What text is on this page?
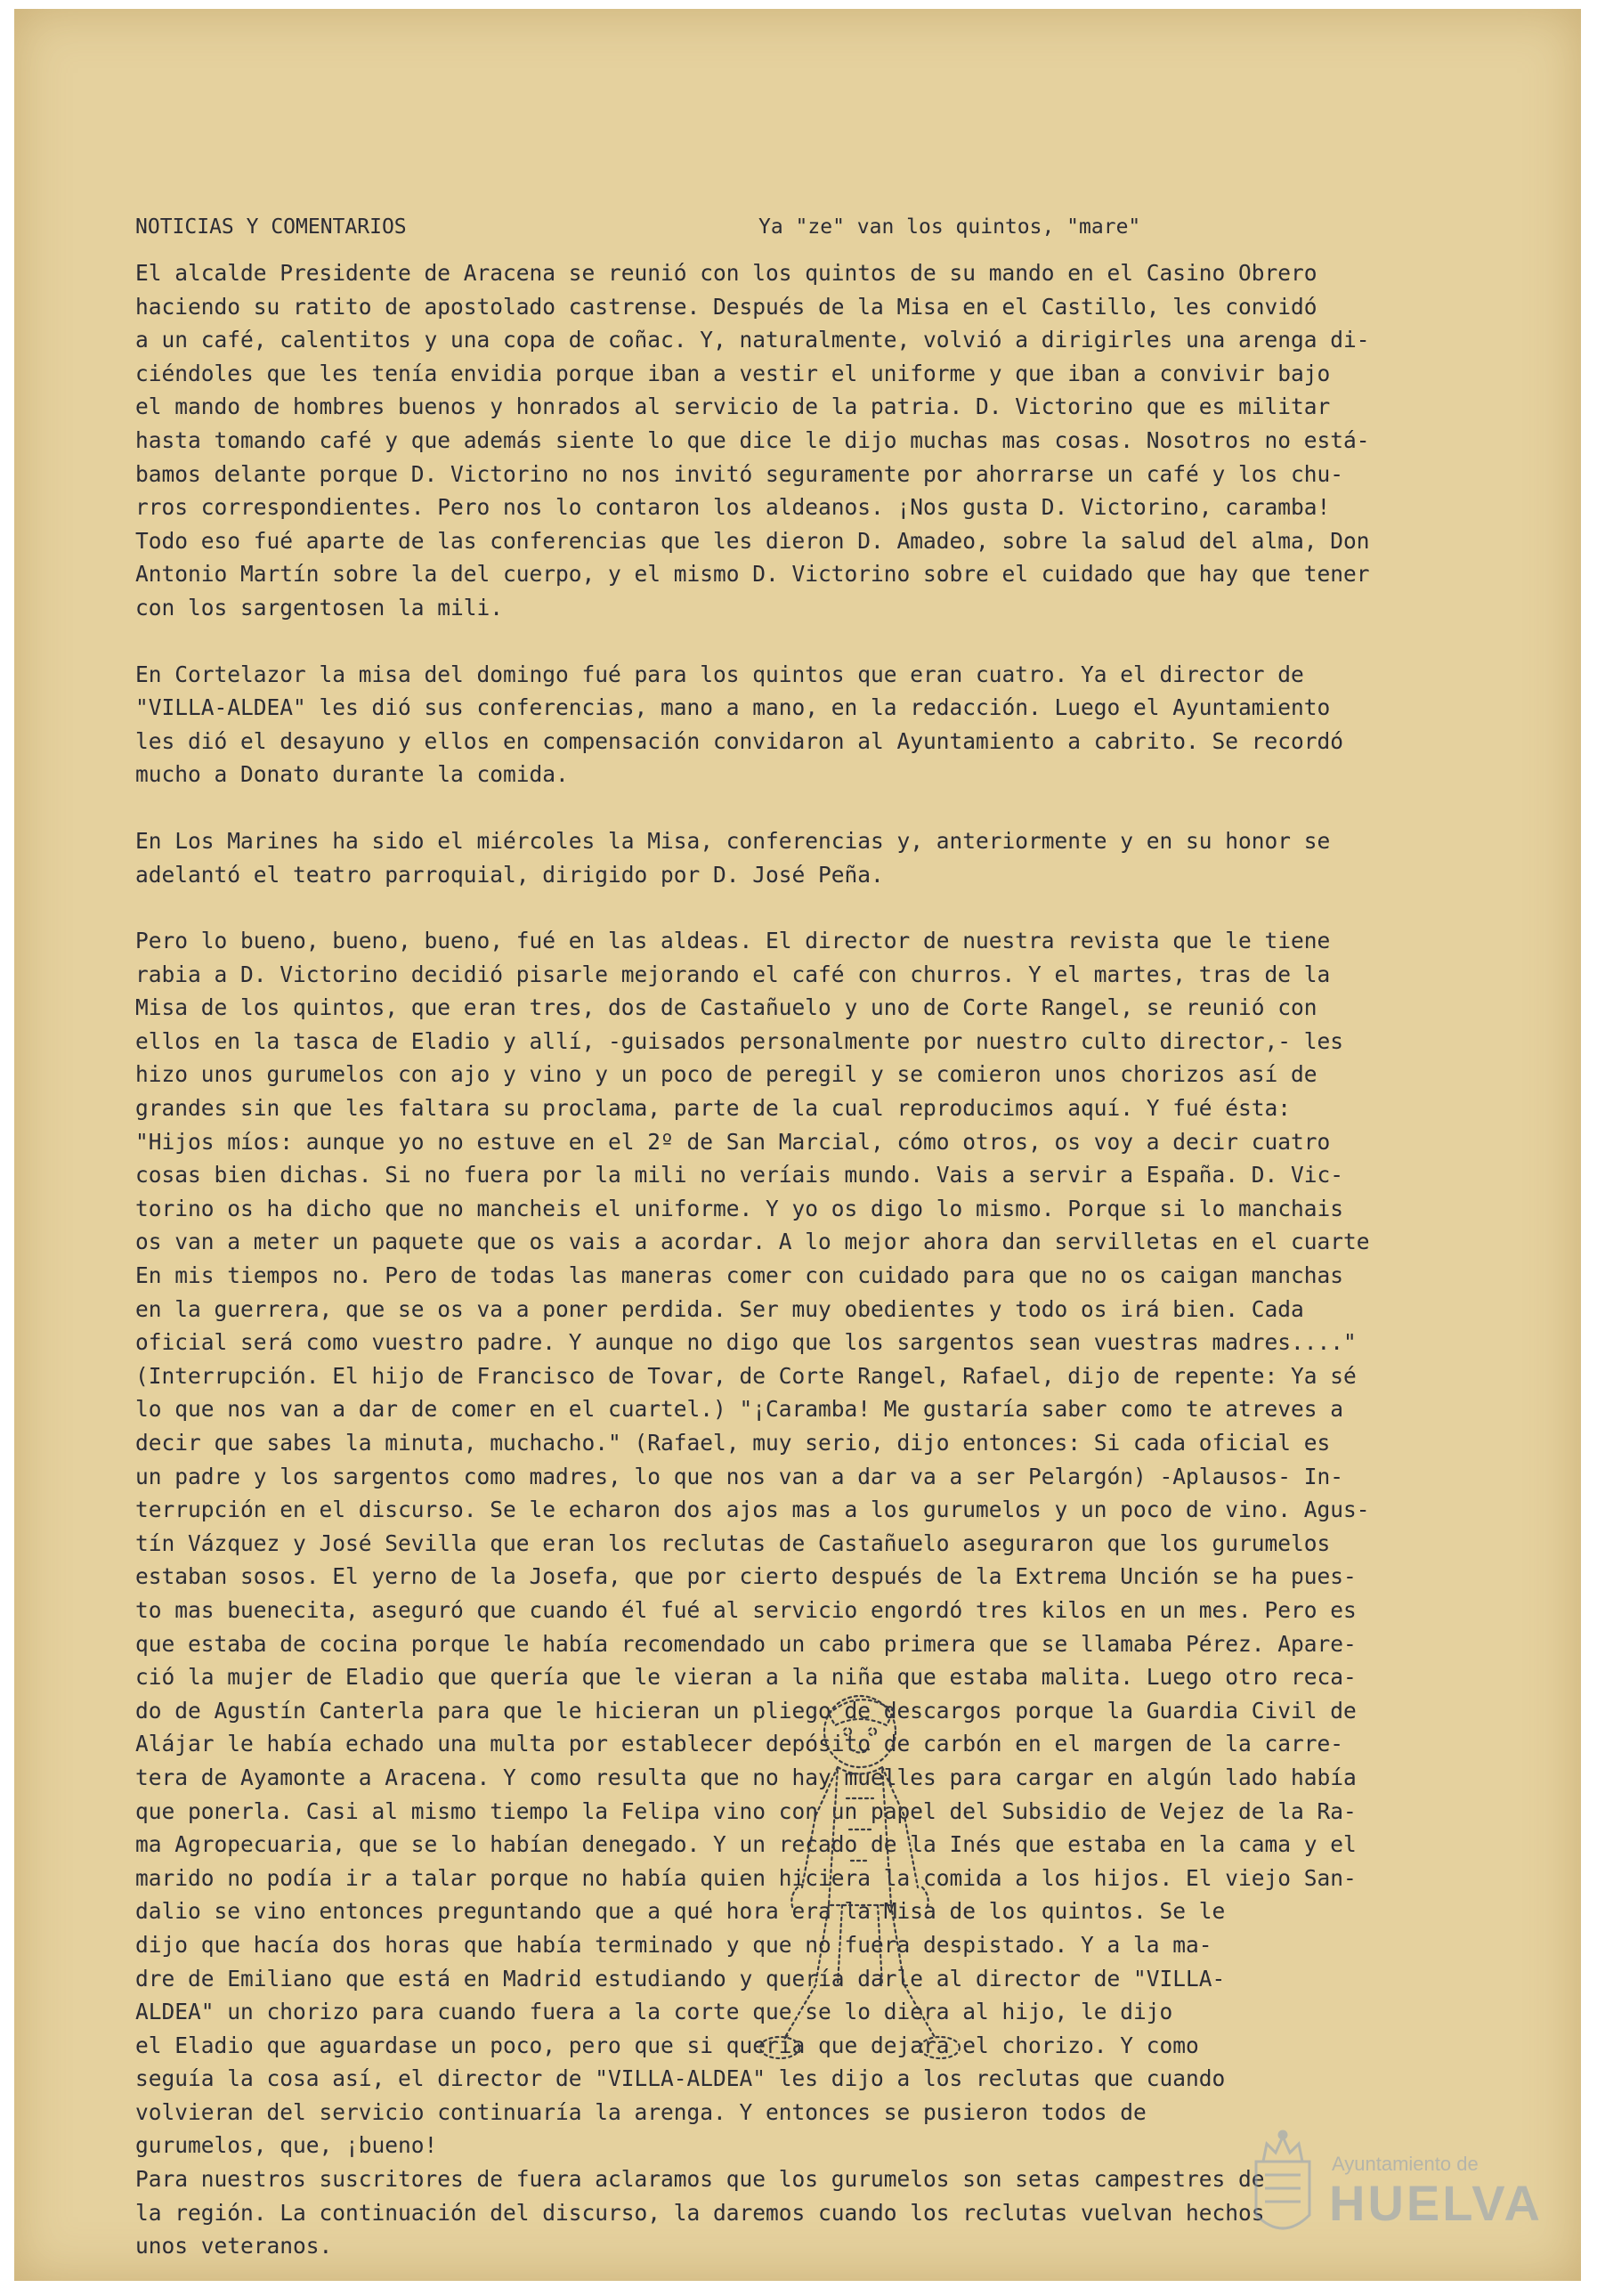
NOTICIAS Y COMENTARIOS	Ya "ze" van los quintos, "mare"
El alcalde Presidente de Aracena se reunió con los quintos de su mando en el Casino Obrero
haciendo su ratito de apostolado castrense. Después de la Misa en el Castillo, les convidó
a un café, calentitos y una copa de coñac. Y, naturalmente, volvió a dirigirles una arenga di-
ciéndoles que les tenía envidia porque iban a vestir el uniforme y que iban a convivir bajo
el mando de hombres buenos y honrados al servicio de la patria. D. Victorino que es militar
hasta tomando café y que además siente lo que dice le dijo muchas mas cosas. Nosotros no está-
bamos delante porque D. Victorino no nos invitó seguramente por ahorrarse un café y los chu-
rros correspondientes. Pero nos lo contaron los aldeanos. ¡Nos gusta D. Victorino, caramba!
Todo eso fué aparte de las conferencias que les dieron D. Amadeo, sobre la salud del alma, Don
Antonio Martín sobre la del cuerpo, y el mismo D. Victorino sobre el cuidado que hay que tener
con los sargentosen la mili.
En Cortelazor la misa del domingo fué para los quintos que eran cuatro. Ya el director de
"VILLA-ALDEA" les dió sus conferencias, mano a mano, en la redacción. Luego el Ayuntamiento
les dió el desayuno y ellos en compensación convidaron al Ayuntamiento a cabrito. Se recordó
mucho a Donato durante la comida.
En Los Marines ha sido el miércoles la Misa, conferencias y, anteriormente y en su honor se
adelantó el teatro parroquial, dirigido por D. José Peña.
Pero lo bueno, bueno, bueno, fué en las aldeas. El director de nuestra revista que le tiene
rabia a D. Victorino decidió pisarle mejorando el café con churros. Y el martes, tras de la
Misa de los quintos, que eran tres, dos de Castañuelo y uno de Corte Rangel, se reunió con
ellos en la tasca de Eladio y allí, -guisados personalmente por nuestro culto director,- les
hizo unos gurumelos con ajo y vino y un poco de peregil y se comieron unos chorizos así de
grandes sin que les faltara su proclama, parte de la cual reproducimos aquí. Y fué ésta:
"Hijos míos: aunque yo no estuve en el 2º de San Marcial, cómo otros, os voy a decir cuatro
cosas bien dichas. Si no fuera por la mili no veríais mundo. Vais a servir a España. D. Vic-
torino os ha dicho que no mancheis el uniforme. Y yo os digo lo mismo. Porque si lo manchais
os van a meter un paquete que os vais a acordar. A lo mejor ahora dan servilletas en el cuarte
En mis tiempos no. Pero de todas las maneras comer con cuidado para que no os caigan manchas
en la guerrera, que se os va a poner perdida. Ser muy obedientes y todo os irá bien. Cada
oficial será como vuestro padre. Y aunque no digo que los sargentos sean vuestras madres...."
(Interrupción. El hijo de Francisco de Tovar, de Corte Rangel, Rafael, dijo de repente: Ya sé
lo que nos van a dar de comer en el cuartel.) "¡Caramba! Me gustaría saber como te atreves a
decir que sabes la minuta, muchacho." (Rafael, muy serio, dijo entonces: Si cada oficial es
un padre y los sargentos como madres, lo que nos van a dar va a ser Pelargón) -Aplausos- In-
terrupción en el discurso. Se le echaron dos ajos mas a los gurumelos y un poco de vino. Agus-
tín Vázquez y José Sevilla que eran los reclutas de Castañuelo aseguraron que los gurumelos
estaban sosos. El yerno de la Josefa, que por cierto después de la Extrema Unción se ha pues-
to mas buenecita, aseguró que cuando él fué al servicio engordó tres kilos en un mes. Pero es
que estaba de cocina porque le había recomendado un cabo primera que se llamaba Pérez. Apare-
ció la mujer de Eladio que quería que le vieran a la niña que estaba malita. Luego otro reca-
do de Agustín Canterla para que le hicieran un pliego de descargos porque la Guardia Civil de
Alájar le había echado una multa por establecer depósito de carbón en el margen de la carre-
tera de Ayamonte a Aracena. Y como resulta que no hay muelles para cargar en algún lado había
que ponerla. Casi al mismo tiempo la Felipa vino con un papel del Subsidio de Vejez de la Ra-
ma Agropecuaria, que se lo habían denegado. Y un recado de la Inés que estaba en la cama y el
marido no podía ir a talar porque no había quien hiciera la comida a los hijos. El viejo San-
dalio se vino entonces preguntando que a qué hora era la Misa de los quintos. Se le
dijo que hacía dos horas que había terminado y que no fuera despistado. Y a la ma-
dre de Emiliano que está en Madrid estudiando y quería darle al director de "VILLA-
ALDEA" un chorizo para cuando fuera a la corte que se lo diera al hijo, le dijo
el Eladio que aguardase un poco, pero que si quería que dejara el chorizo. Y como
seguía la cosa así, el director de "VILLA-ALDEA" les dijo a los reclutas que cuando
volvieran del servicio continuaría la arenga. Y entonces se pusieron todos de
gurumelos, que, ¡bueno!
Para nuestros suscritores de fuera aclaramos que los gurumelos son setas campestres de
la región. La continuación del discurso, la daremos cuando los reclutas vuelvan hechos
unos veteranos.
Ayuntamiento de
HUELVA
